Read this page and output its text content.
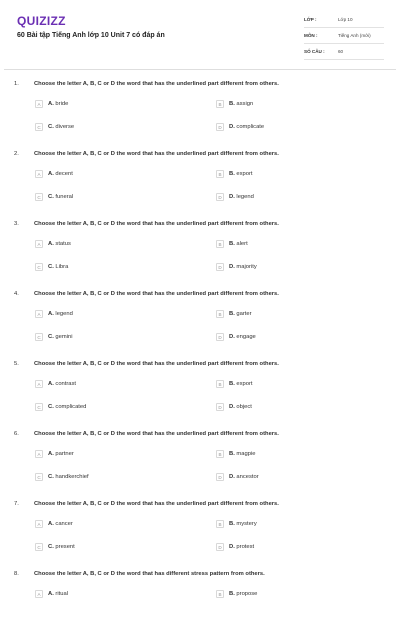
QUIZIZZ
60 Bài tập Tiếng Anh lớp 10 Unit 7 có đáp án
LỚP :	Lớp 10
MÔN :	Tiếng Anh (mới)
SỐ CÂU :	60
1.	Choose the letter A, B, C or D the word that has the underlined part different from others.
A	A. bride	B	B. assign
C	C. diverse	D	D. complicate
2.	Choose the letter A, B, C or D the word that has the underlined part different from others.
A	A. decent	B	B. export
C	C. funeral	D	D. legend
3.	Choose the letter A, B, C or D the word that has the underlined part different from others.
A	A. status	B	B. alert
C	C. Libra	D	D. majority
4.	Choose the letter A, B, C or D the word that has the underlined part different from others.
A	A. legend	B	B. garter
C	C. gemini	D	D. engage
5.	Choose the letter A, B, C or D the word that has the underlined part different from others.
A	A. contrast	B	B. export
C	C. complicated	D	D. object
6.	Choose the letter A, B, C or D the word that has the underlined part different from others.
A	A. partner	B	B. magpie
C	C. handkerchief	D	D. ancestor
7.	Choose the letter A, B, C or D the word that has the underlined part different from others.
A	A. cancer	B	B. mystery
C	C. present	D	D. protest
8.	Choose the letter A, B, C or D the word that has different stress pattern from others.
A	A. ritual	B	B. propose
